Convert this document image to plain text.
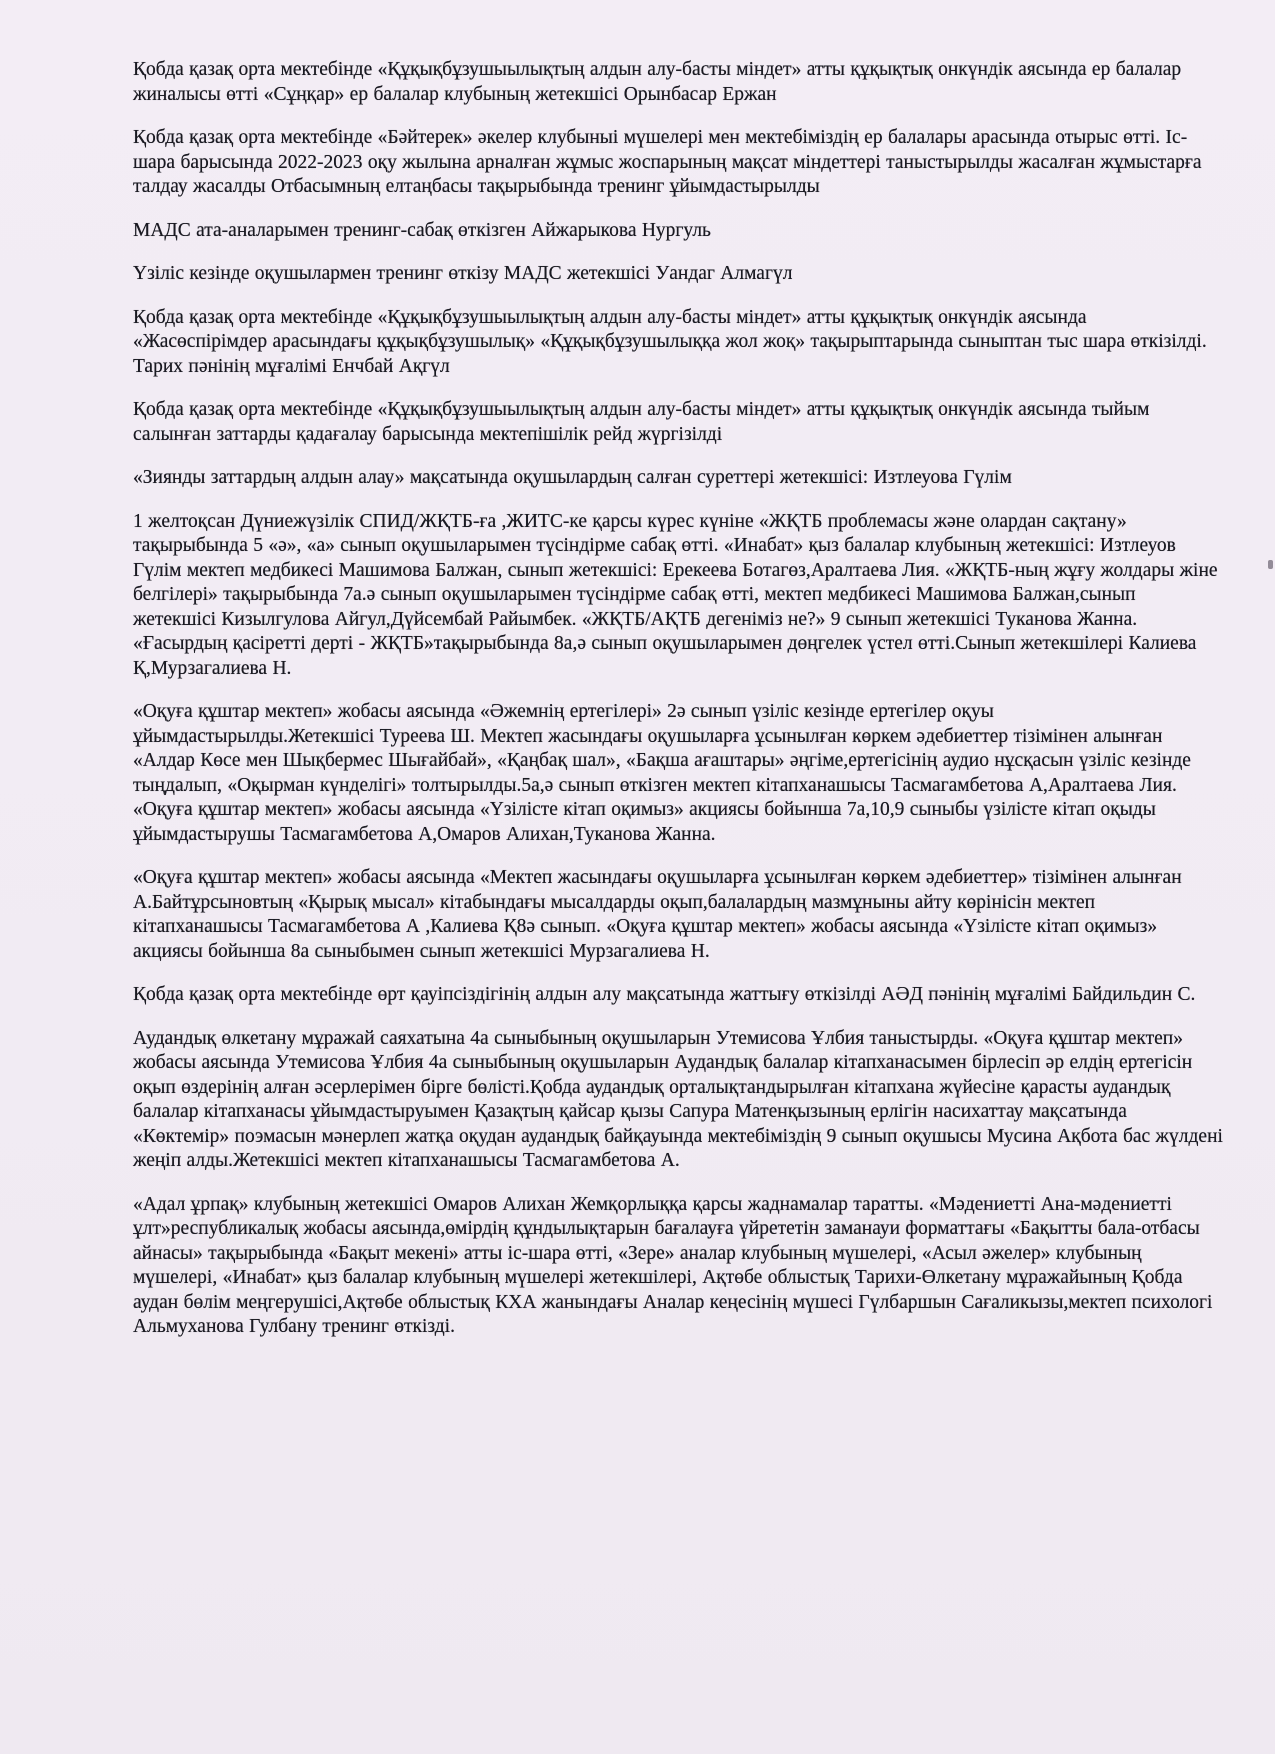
Қобда қазақ орта мектебінде «Құқықбұзушыылықтың алдын алу-басты міндет» атты құқықтық онкүндік аясында ер балалар жиналысы өтті «Сұңқар» ер балалар клубының жетекшісі Орынбасар Ержан

Қобда қазақ орта мектебінде «Бәйтерек» әкелер клубыныі мүшелері мен мектебіміздің ер балалары арасында отырыс өтті. Іс-шара барысында 2022-2023 оқу жылына арналған жұмыс жоспарының мақсат міндеттері таныстырылды жасалған жұмыстарға талдау жасалды Отбасымның елтаңбасы тақырыбында тренинг ұйымдастырылды

МАДС ата-аналарымен тренинг-сабақ өткізген Айжарыкова Нургуль

Үзіліс кезінде оқушылармен тренинг өткізу МАДС жетекшісі Уандаг Алмагүл

Қобда қазақ орта мектебінде «Құқықбұзушыылықтың алдын алу-басты міндет» атты құқықтық онкүндік аясында «Жасөспірімдер арасындағы құқықбұзушылық» «Құқықбұзушылыққа жол жоқ» тақырыптарында сыныптан тыс шара өткізілді. Тарих пәнінің мұғалімі Енчбай Ақгүл

Қобда қазақ орта мектебінде «Құқықбұзушыылықтың алдын алу-басты міндет» атты құқықтық онкүндік аясында тыйым салынған заттарды қадағалау барысында мектепішілік рейд жүргізілді

«Зиянды заттардың алдын алау» мақсатында оқушылардың салған суреттері жетекшісі: Изтлеуова Гүлім

1 желтоқсан Дүниежүзілік СПИД/ЖҚТБ-ға ,ЖИТС-ке қарсы күрес күніне «ЖҚТБ проблемасы және олардан сақтану» тақырыбында 5 «ә», «а» сынып оқушыларымен түсіндірме сабақ өтті. «Инабат» қыз балалар клубының жетекшісі: Изтлеуов Гүлім мектеп медбикесі Машимова Балжан, сынып жетекшісі: Ерекеева Ботагөз,Аралтаева Лия. «ЖҚТБ-ның жұғу жолдары жіне белгілері» тақырыбында 7а.ә сынып оқушыларымен түсіндірме сабақ өтті, мектеп медбикесі Машимова Балжан,сынып жетекшісі Кизылгулова Айгул,Дүйсембай Райымбек. «ЖҚТБ/АҚТБ дегеніміз не?» 9 сынып жетекшісі Туканова Жанна. «Ғасырдың қасіретті дерті - ЖҚТБ»тақырыбында 8а,ә сынып оқушыларымен дөңгелек үстел өтті.Сынып жетекшілері Калиева Қ,Мурзагалиева Н.

«Оқуға құштар мектеп» жобасы аясында «Әжемнің ертегілері» 2ә сынып үзіліс кезінде ертегілер оқуы ұйымдастырылды.Жетекшісі Туреева Ш. Мектеп жасындағы оқушыларға ұсынылған көркем әдебиеттер тізімінен алынған «Алдар Көсе мен Шықбермес Шығайбай», «Қаңбақ шал», «Бақша ағаштары» әңгіме,ертегісінің аудио нұсқасын үзіліс кезінде тыңдалып, «Оқырман күнделігі» толтырылды.5а,ә сынып өткізген мектеп кітапханашысы Тасмагамбетова А,Аралтаева Лия. «Оқуға құштар мектеп» жобасы аясында «Үзілісте кітап оқимыз» акциясы бойынша 7а,10,9 сыныбы үзілісте кітап оқыды ұйымдастырушы Тасмагамбетова А,Омаров Алихан,Туканова Жанна.

«Оқуға құштар мектеп» жобасы аясында «Мектеп жасындағы оқушыларға ұсынылған көркем әдебиеттер» тізімінен алынған А.Байтұрсыновтың «Қырық мысал» кітабындағы мысалдарды оқып,балалардың мазмұныны айту көрінісін мектеп кітапханашысы Тасмагамбетова А ,Калиева Қ8ә сынып. «Оқуға құштар мектеп» жобасы аясында «Үзілісте кітап оқимыз» акциясы бойынша 8а сыныбымен сынып жетекшісі Мурзагалиева Н.

Қобда қазақ орта мектебінде өрт қауіпсіздігінің алдын алу мақсатында жаттығу өткізілді АӘД пәнінің мұғалімі Байдильдин С.

Аудандық өлкетану мұражай саяхатына 4а сыныбының оқушыларын Утемисова Ұлбия таныстырды. «Оқуға құштар мектеп» жобасы аясында Утемисова Ұлбия 4а сыныбының оқушыларын Аудандық балалар кітапханасымен бірлесіп әр елдің ертегісін оқып өздерінің алған әсерлерімен бірге бөлісті.Қобда аудандық орталықтандырылған кітапхана жүйесіне қарасты аудандық балалар кітапханасы ұйымдастыруымен Қазақтың қайсар қызы Сапура Матенқызының ерлігін насихаттау мақсатында «Көктемір» поэмасын мәнерлеп жатқа оқудан аудандық байқауында мектебіміздің 9 сынып оқушысы Мусина Ақбота бас жүлдені жеңіп алды.Жетекшісі мектеп кітапханашысы Тасмагамбетова А.

«Адал ұрпақ» клубының жетекшісі Омаров Алихан Жемқорлыққа қарсы жаднамалар таратты. «Мәдениетті Ана-мәдениетті ұлт»республикалық жобасы аясында,өмірдің құндылықтарын бағалауға үйрететін заманауи форматтағы «Бақытты бала-отбасы айнасы» тақырыбында «Бақыт мекені» атты іс-шара өтті, «Зере» аналар клубының мүшелері, «Асыл әжелер» клубының мүшелері, «Инабат» қыз балалар клубының мүшелері жетекшілері, Ақтөбе облыстық Тарихи-Өлкетану мұражайының Қобда аудан бөлім меңгерушісі,Ақтөбе облыстық КХА жанындағы Аналар кеңесінің мүшесі Гүлбаршын Сағаликызы,мектеп психологі Альмуханова Гулбану тренинг өткізді.
